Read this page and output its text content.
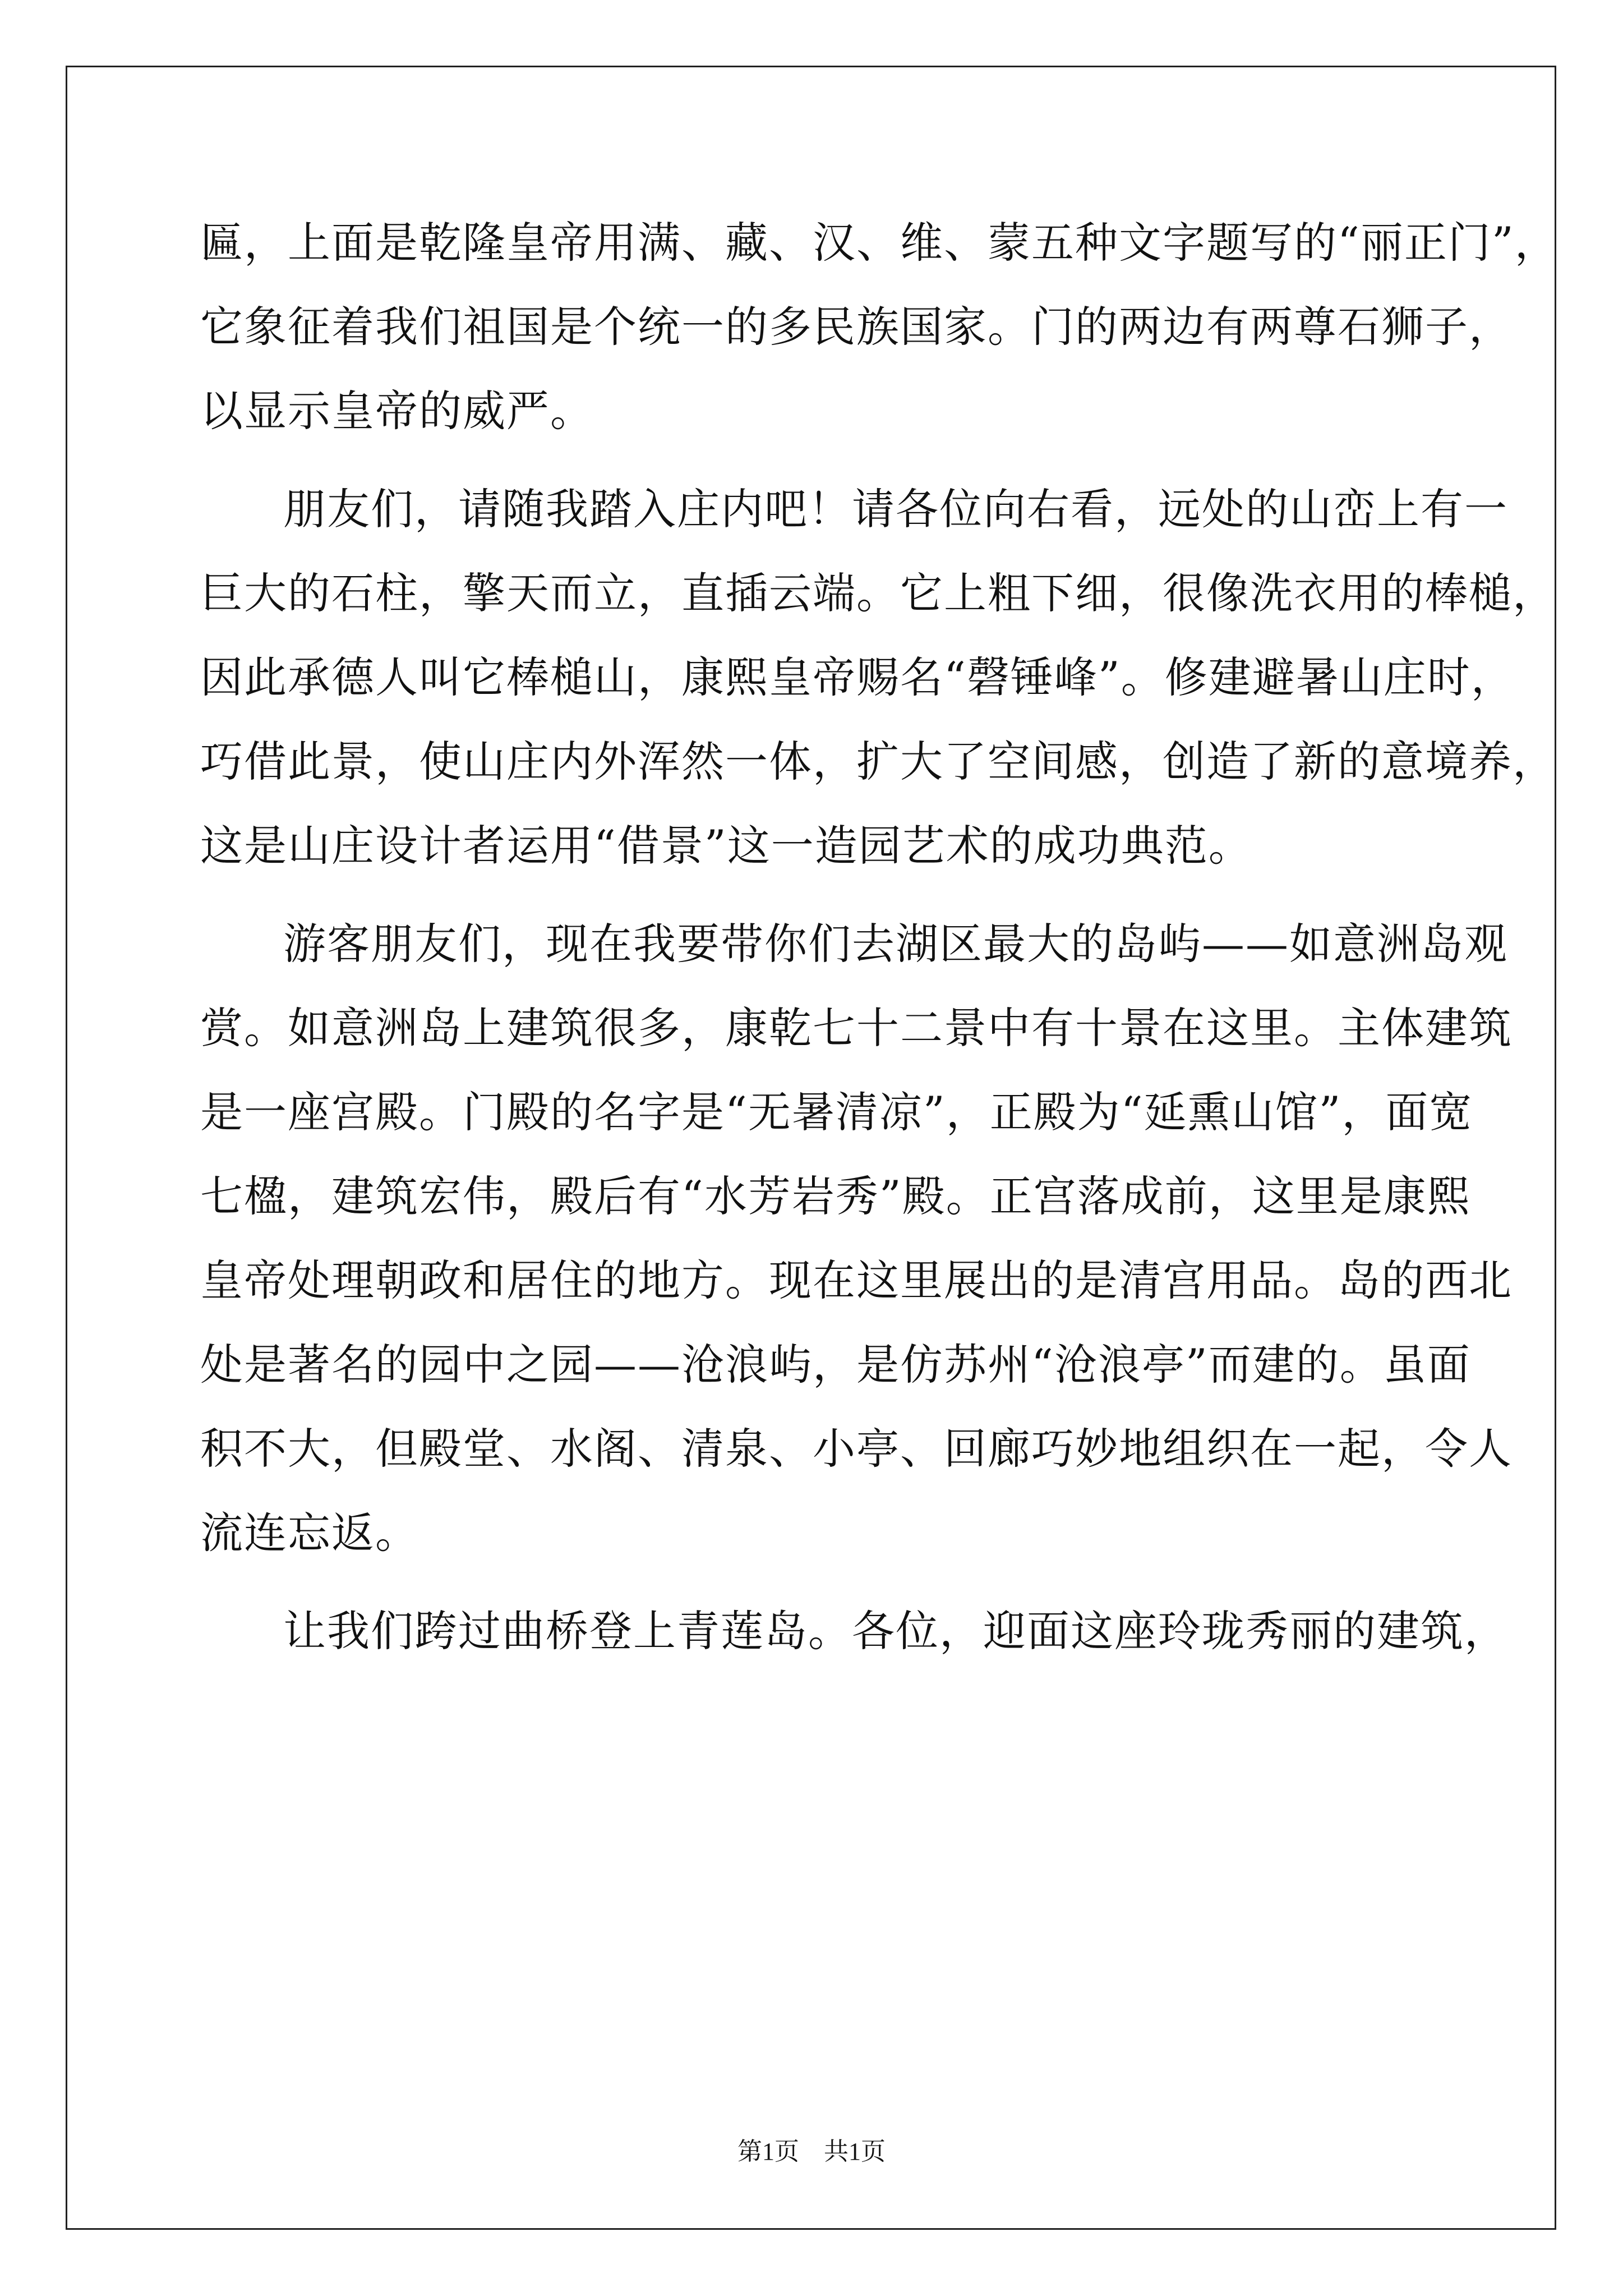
匾，上面是乾隆皇帝用满、藏、汉、维、蒙五种文字题写的“丽正门”，
它象征着我们祖国是个统一的多民族国家。门的两边有两尊石狮子，
以显示皇帝的威严。
朋友们，请随我踏入庄内吧！请各位向右看，远处的山峦上有一
巨大的石柱，擎天而立，直插云端。它上粗下细，很像洗衣用的棒槌，
因此承德人叫它棒槌山，康熙皇帝赐名“磬锤峰”。修建避暑山庄时，
巧借此景，使山庄内外浑然一体，扩大了空间感，创造了新的意境养，
这是山庄设计者运用“借景”这一造园艺术的成功典范。
游客朋友们，现在我要带你们去湖区最大的岛屿——如意洲岛观
赏。如意洲岛上建筑很多，康乾七十二景中有十景在这里。主体建筑
是一座宫殿。门殿的名字是“无暑清凉”，正殿为“延熏山馆”，面宽
七楹，建筑宏伟，殿后有“水芳岩秀”殿。正宫落成前，这里是康熙
皇帝处理朝政和居住的地方。现在这里展出的是清宫用品。岛的西北
处是著名的园中之园——沧浪屿，是仿苏州“沧浪亭”而建的。虽面
积不大，但殿堂、水阁、清泉、小亭、回廊巧妙地组织在一起，令人
流连忘返。
让我们跨过曲桥登上青莲岛。各位，迎面这座玲珑秀丽的建筑，
第1页　共1页
